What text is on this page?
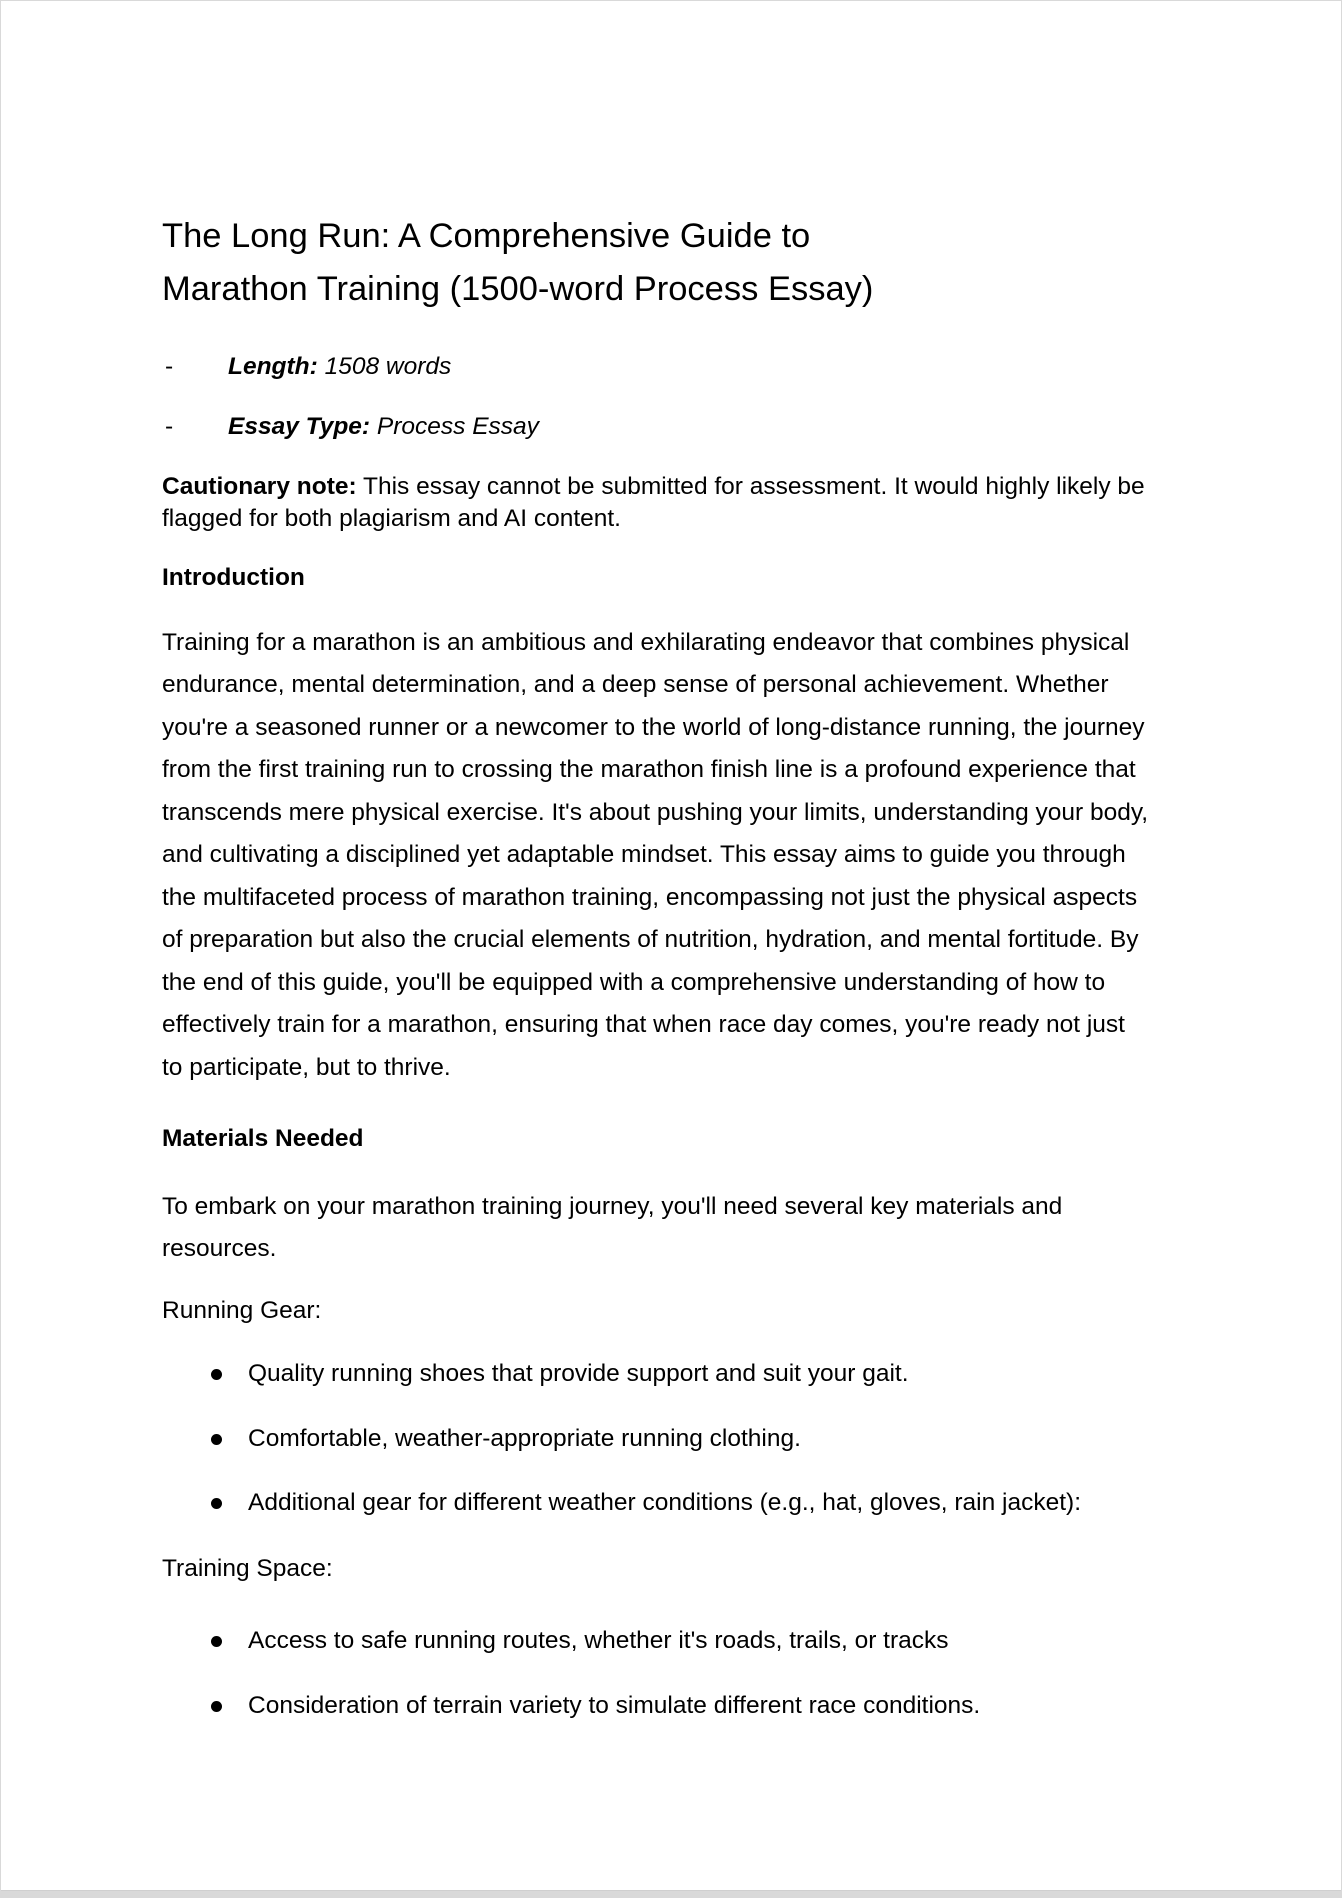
The Long Run: A Comprehensive Guide to Marathon Training (1500-word Process Essay)
- Length: 1508 words
- Essay Type: Process Essay

Cautionary note: This essay cannot be submitted for assessment. It would highly likely be flagged for both plagiarism and AI content.

Introduction

Training for a marathon is an ambitious and exhilarating endeavor that combines physical endurance, mental determination, and a deep sense of personal achievement. Whether you're a seasoned runner or a newcomer to the world of long-distance running, the journey from the first training run to crossing the marathon finish line is a profound experience that transcends mere physical exercise. It's about pushing your limits, understanding your body, and cultivating a disciplined yet adaptable mindset. This essay aims to guide you through the multifaceted process of marathon training, encompassing not just the physical aspects of preparation but also the crucial elements of nutrition, hydration, and mental fortitude. By the end of this guide, you'll be equipped with a comprehensive understanding of how to effectively train for a marathon, ensuring that when race day comes, you're ready not just to participate, but to thrive.

Materials Needed

To embark on your marathon training journey, you'll need several key materials and resources.

Running Gear:

Quality running shoes that provide support and suit your gait.
Comfortable, weather-appropriate running clothing.
Additional gear for different weather conditions (e.g., hat, gloves, rain jacket):

Training Space:

Access to safe running routes, whether it's roads, trails, or tracks
Consideration of terrain variety to simulate different race conditions.
